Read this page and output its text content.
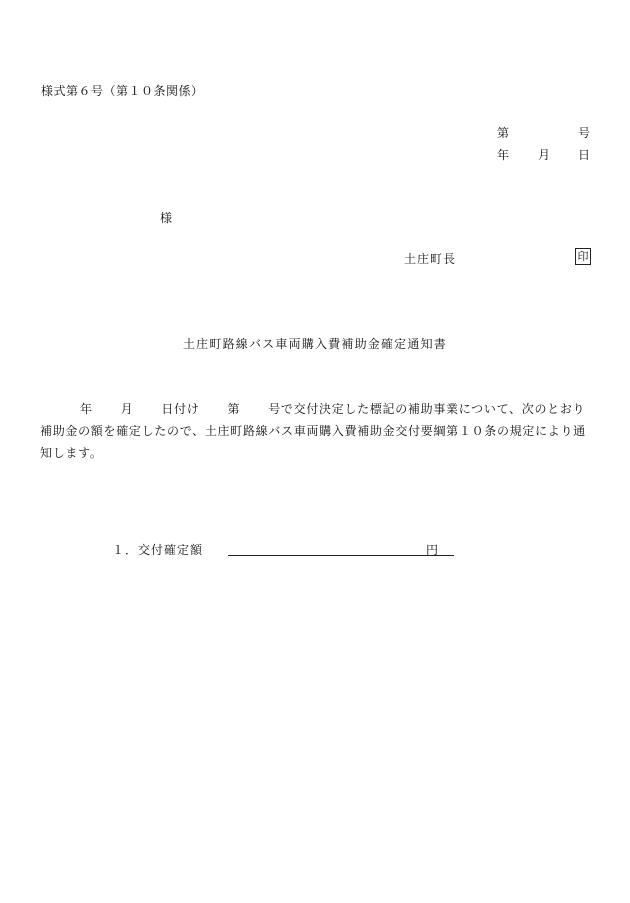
様式第６号（第１０条関係）
第	号
年 月 日
様
土庄町長	印
土庄町路線バス車両購入費補助金確定通知書
年 月 日付け 第 号で交付決定した標記の補助事業について、次のとおり補助金の額を確定したので、土庄町路線バス車両購入費補助金交付要綱第１０条の規定により通知します。
１．交付確定額	円
